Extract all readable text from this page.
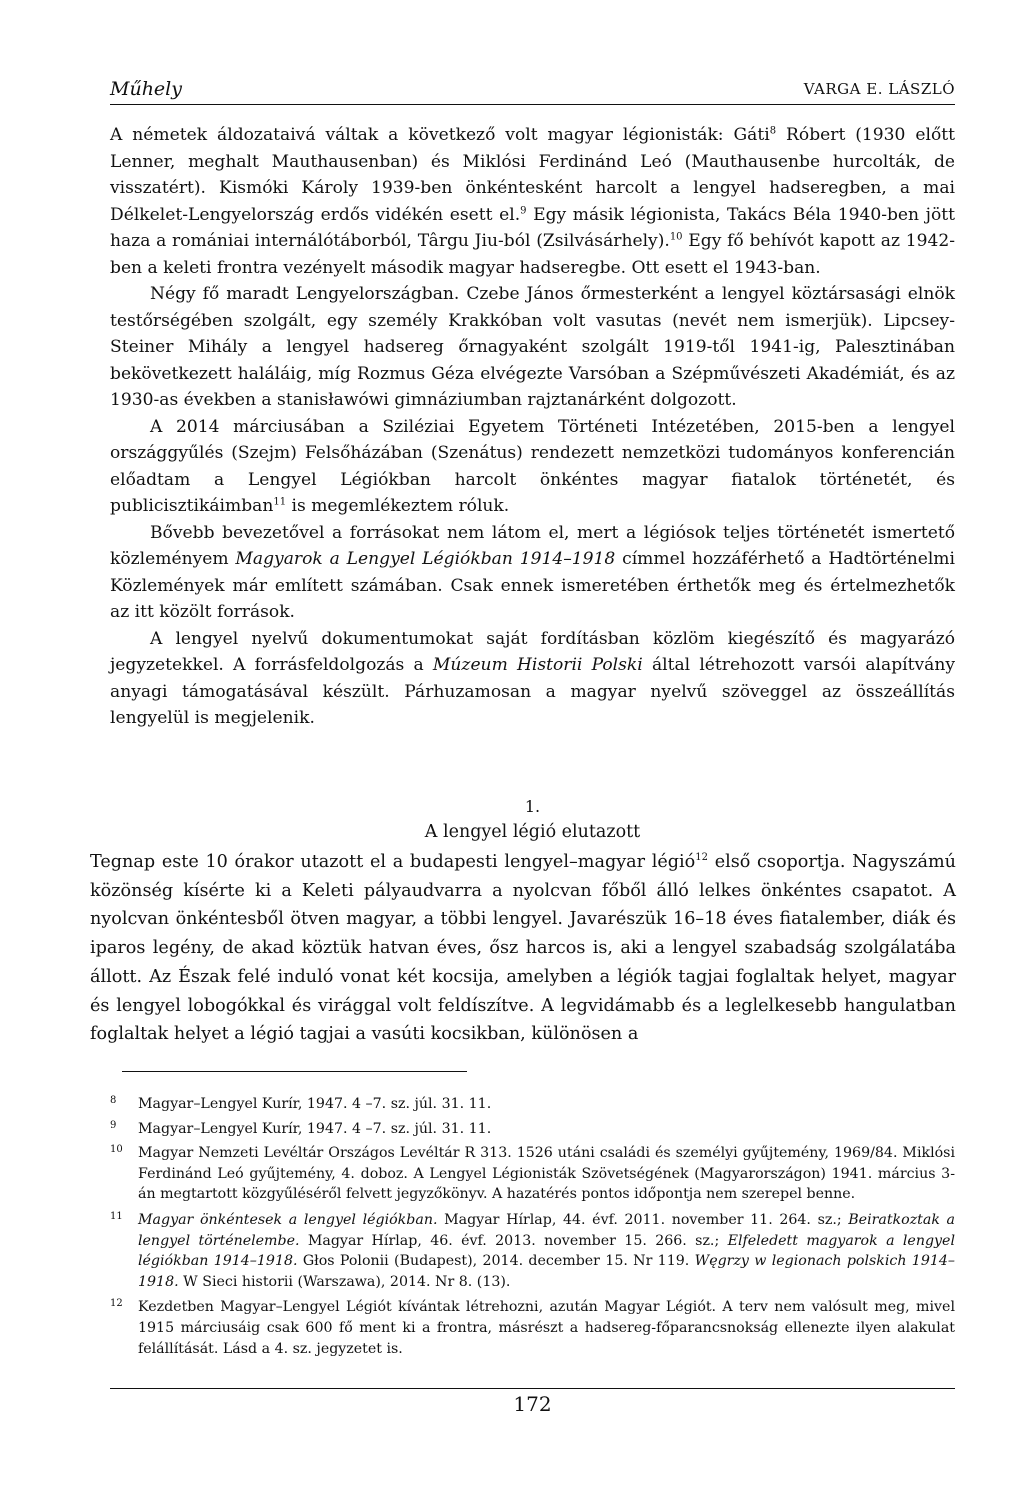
Műhely	VARGA E. LÁSZLÓ

A németek áldozataivá váltak a következő volt magyar légionisták: Gáti$^8$ Róbert (1930 előtt Lenner, meghalt Mauthausenban) és Miklósi Ferdinánd Leó (Mauthausenbe hurcolták, de visszatért). Kismóki Károly 1939-ben önkéntesként harcolt a lengyel hadseregben, a mai Délkelet-Lengyelország erdős vidékén esett el.$^9$ Egy másik légionista, Takács Béla 1940-ben jött haza a romániai internálótáborból, Târgu Jiu-ból (Zsilvásárhely).$^{10}$ Egy fő behívót kapott az 1942-ben a keleti frontra vezényelt második magyar hadseregbe. Ott esett el 1943-ban.

Négy fő maradt Lengyelországban. Czebe János őrmesterként a lengyel köztársasági elnök testőrségében szolgált, egy személy Krakkóban volt vasutas (nevét nem ismerjük). Lipcsey-Steiner Mihály a lengyel hadsereg őrnagyaként szolgált 1919-től 1941-ig, Palesztinában bekövetkezett haláláig, míg Rozmus Géza elvégezte Varsóban a Szépművészeti Akadémiát, és az 1930-as években a stanisławówi gimnáziumban rajztanárként dolgozott.

A 2014 márciusában a Sziléziai Egyetem Történeti Intézetében, 2015-ben a lengyel országgyűlés (Szejm) Felsőházában (Szenátus) rendezett nemzetközi tudományos konferencián előadtam a Lengyel Légiókban harcolt önkéntes magyar fiatalok történetét, és publicisztikáimban$^{11}$ is megemlékeztem róluk.

Bővebb bevezetővel a forrásokat nem látom el, mert a légiósok teljes történetét ismertető közleményem Magyarok a Lengyel Légiókban 1914–1918 címmel hozzáférhető a Hadtörténelmi Közlemények már említett számában. Csak ennek ismeretében érthetők meg és értelmezhetők az itt közölt források.

A lengyel nyelvű dokumentumokat saját fordításban közlöm kiegészítő és magyarázó jegyzetekkel. A forrásfeldolgozás a Múzeum Historii Polski által létrehozott varsói alapítvány anyagi támogatásával készült. Párhuzamosan a magyar nyelvű szöveggel az összeállítás lengyelül is megjelenik.

1.
A lengyel légió elutazott

Tegnap este 10 órakor utazott el a budapesti lengyel–magyar légió$^{12}$ első csoportja. Nagyszámú közönség kísérte ki a Keleti pályaudvarra a nyolcvan főből álló lelkes önkéntes csapatot. A nyolcvan önkéntesből ötven magyar, a többi lengyel. Javarészük 16–18 éves fiatalember, diák és iparos legény, de akad köztük hatvan éves, ősz harcos is, aki a lengyel szabadság szolgálatába állott. Az Észak felé induló vonat két kocsija, amelyben a légiók tagjai foglaltak helyet, magyar és lengyel lobogókkal és virággal volt feldíszítve. A legvidámabb és a leglelkesebb hangulatban foglaltak helyet a légió tagjai a vasúti kocsikban, különösen a

8 Magyar–Lengyel Kurír, 1947. 4 –7. sz. júl. 31. 11.
9 Magyar–Lengyel Kurír, 1947. 4 –7. sz. júl. 31. 11.
10 Magyar Nemzeti Levéltár Országos Levéltár R 313. 1526 utáni családi és személyi gyűjtemény, 1969/84. Miklósi Ferdinánd Leó gyűjtemény, 4. doboz. A Lengyel Légionisták Szövetségének (Magyarországon) 1941. március 3-án megtartott közgyűléséről felvett jegyzőkönyv. A hazatérés pontos időpontja nem szerepel benne.
11 Magyar önkéntesek a lengyel légiókban. Magyar Hírlap, 44. évf. 2011. november 11. 264. sz.; Beiratkoztak a lengyel történelembe. Magyar Hírlap, 46. évf. 2013. november 15. 266. sz.; Elfeledett magyarok a lengyel légiókban 1914–1918. Głos Polonii (Budapest), 2014. december 15. Nr 119. Węgrzy w legionach polskich 1914–1918. W Sieci historii (Warszawa), 2014. Nr 8. (13).
12 Kezdetben Magyar–Lengyel Légiót kívántak létrehozni, azután Magyar Légiót. A terv nem valósult meg, mivel 1915 márciusáig csak 600 fő ment ki a frontra, másrészt a hadsereg-főparancsnokság ellenezte ilyen alakulat felállítását. Lásd a 4. sz. jegyzetet is.
172
